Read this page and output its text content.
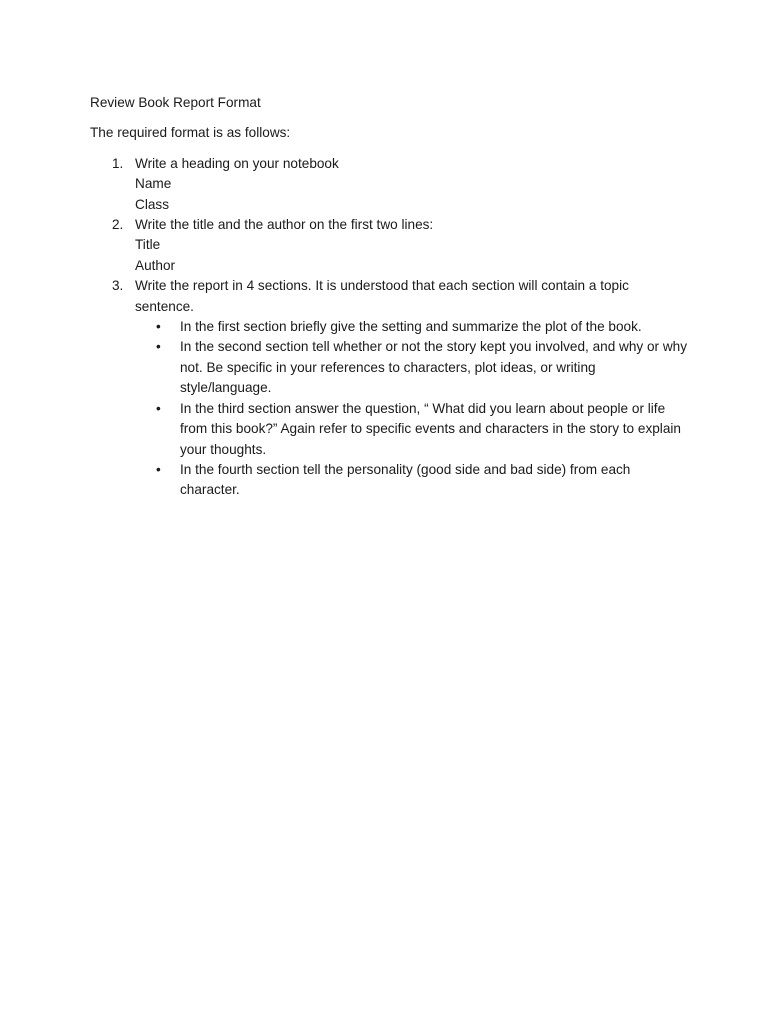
Review Book Report Format

The required format is as follows:

1. Write a heading on your notebook
Name
Class
2. Write the title and the author on the first two lines:
Title
Author
3. Write the report in 4 sections. It is understood that each section will contain a topic sentence.
• In the first section briefly give the setting and summarize the plot of the book.
• In the second section tell whether or not the story kept you involved, and why or why not. Be specific in your references to characters, plot ideas, or writing style/language.
• In the third section answer the question, “ What did you learn about people or life from this book?” Again refer to specific events and characters in the story to explain your thoughts.
• In the fourth section tell the personality (good side and bad side) from each character.
